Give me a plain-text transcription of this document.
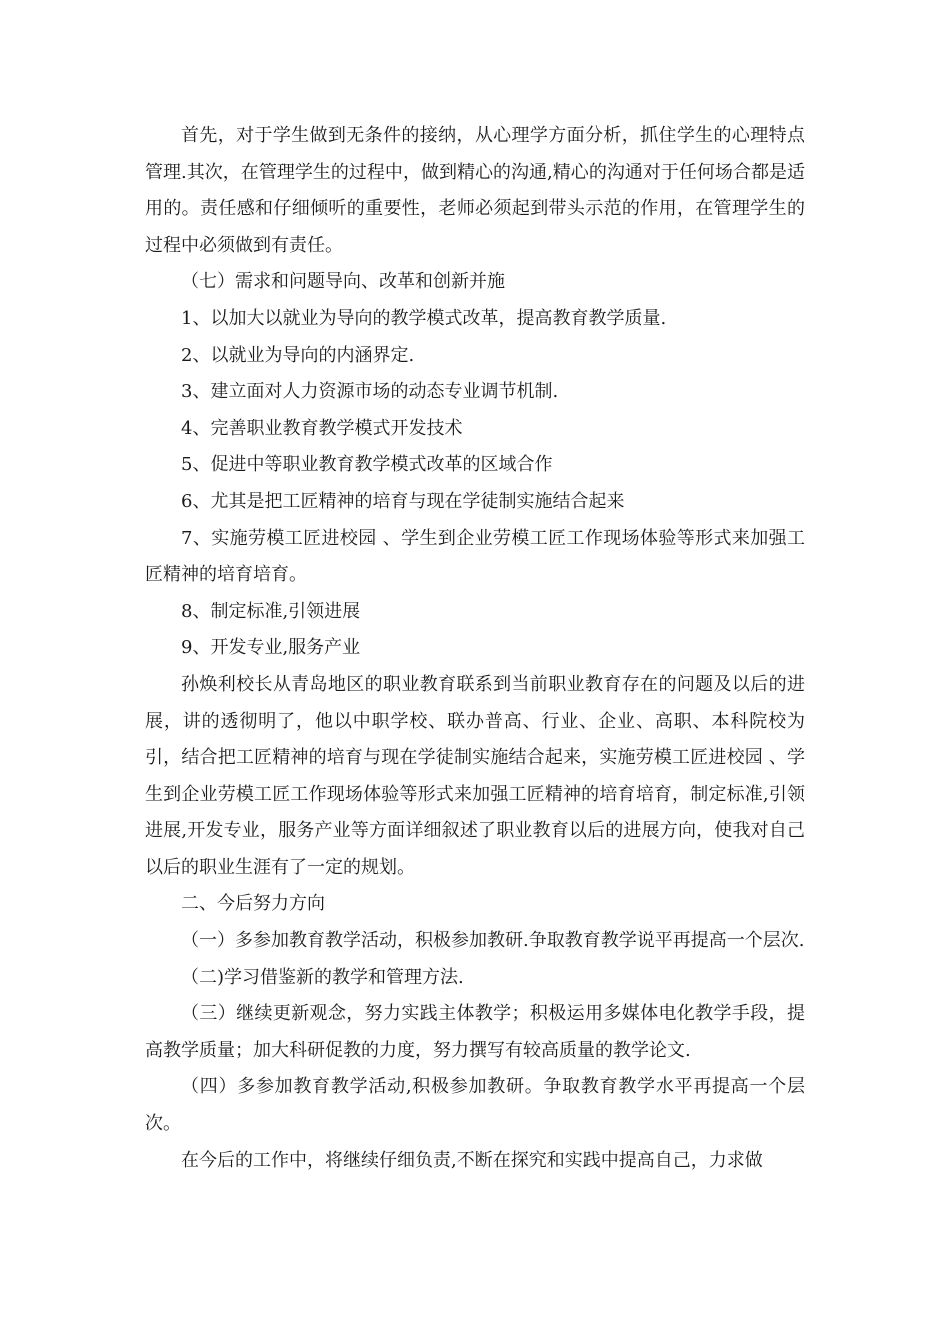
首先，对于学生做到无条件的接纳，从心理学方面分析，抓住学生的心理特点管理.其次，在管理学生的过程中，做到精心的沟通,精心的沟通对于任何场合都是适用的。责任感和仔细倾听的重要性，老师必须起到带头示范的作用，在管理学生的过程中必须做到有责任。

（七）需求和问题导向、改革和创新并施

1、以加大以就业为导向的教学模式改革，提高教育教学质量.

2、以就业为导向的内涵界定.

3、建立面对人力资源市场的动态专业调节机制.

4、完善职业教育教学模式开发技术

5、促进中等职业教育教学模式改革的区域合作

6、尤其是把工匠精神的培育与现在学徒制实施结合起来

7、实施劳模工匠进校园 、学生到企业劳模工匠工作现场体验等形式来加强工匠精神的培育培育。

8、制定标准,引领进展

9、开发专业,服务产业

孙焕利校长从青岛地区的职业教育联系到当前职业教育存在的问题及以后的进展，讲的透彻明了，他以中职学校、联办普高、行业、企业、高职、本科院校为引，结合把工匠精神的培育与现在学徒制实施结合起来，实施劳模工匠进校园 、学生到企业劳模工匠工作现场体验等形式来加强工匠精神的培育培育，制定标准,引领进展,开发专业，服务产业等方面详细叙述了职业教育以后的进展方向，使我对自己以后的职业生涯有了一定的规划。

二、今后努力方向

（一）多参加教育教学活动，积极参加教研.争取教育教学说平再提高一个层次.

（二)学习借鉴新的教学和管理方法.

（三）继续更新观念，努力实践主体教学；积极运用多媒体电化教学手段，提高教学质量；加大科研促教的力度，努力撰写有较高质量的教学论文.

（四）多参加教育教学活动,积极参加教研。争取教育教学水平再提高一个层次。

在今后的工作中，将继续仔细负责,不断在探究和实践中提高自己，力求做
